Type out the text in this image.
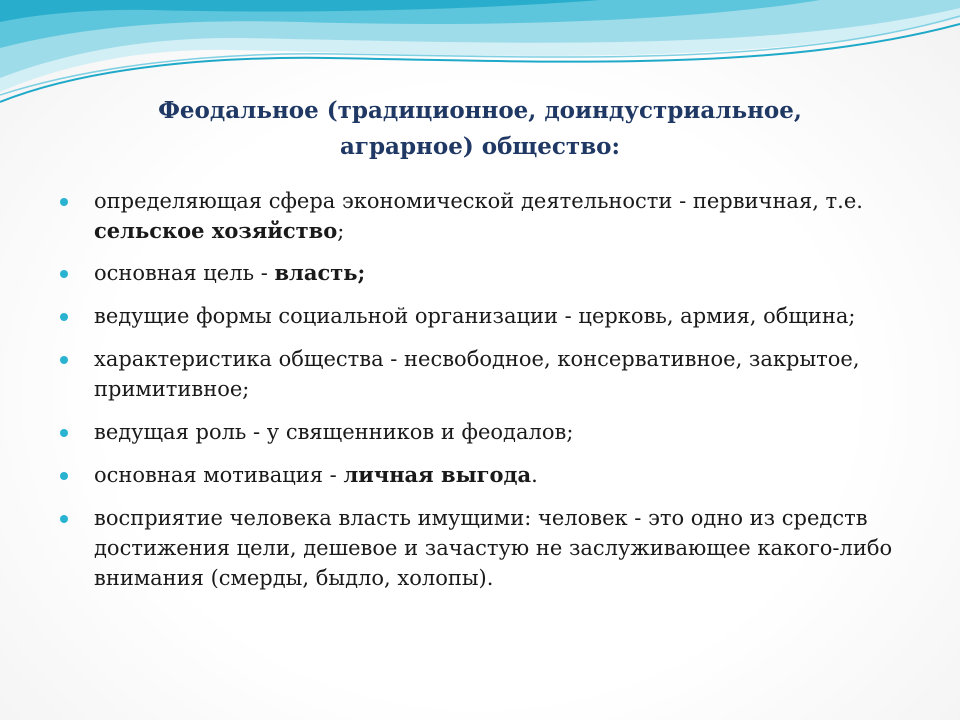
Феодальное (традиционное, доиндустриальное,
аграрное) общество:
определяющая сфера экономической деятельности - первичная, т.е. сельское хозяйство;
основная цель - власть;
ведущие формы социальной организации - церковь, армия, община;
характеристика общества - несвободное, консервативное, закрытое, примитивное;
ведущая роль - у священников и феодалов;
основная мотивация - личная выгода.
восприятие человека власть имущими: человек - это одно из средств достижения цели, дешевое и зачастую не заслуживающее какого-либо внимания (смерды, быдло, холопы).
